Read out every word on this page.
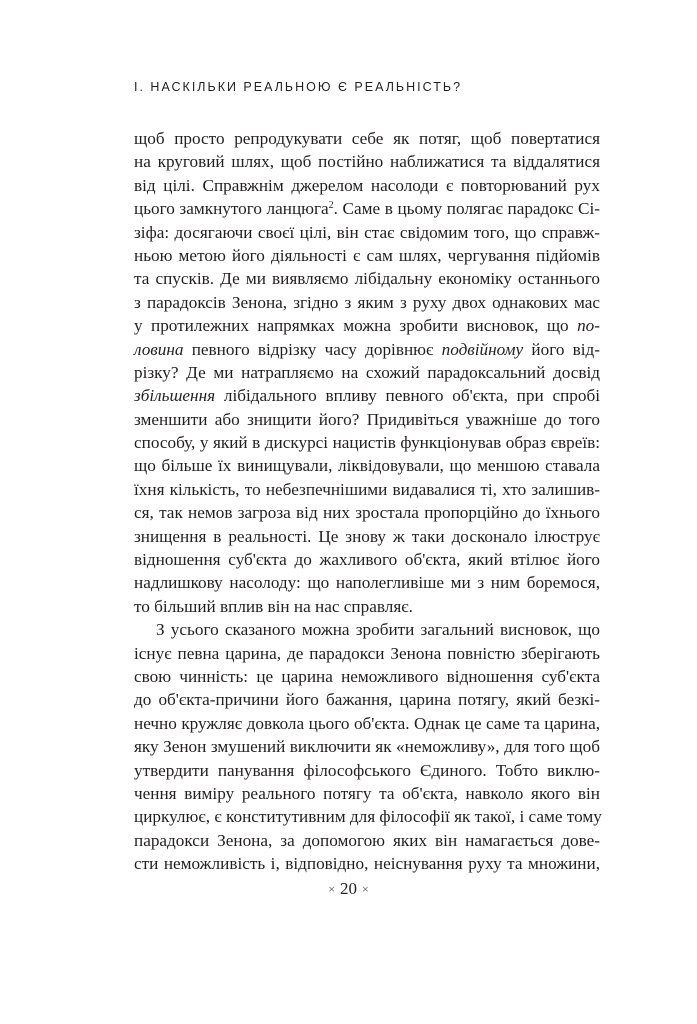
І. НАСКІЛЬКИ РЕАЛЬНОЮ Є РЕАЛЬНІСТЬ?
щоб просто репродукувати себе як потяг, щоб повертатися
на круговий шлях, щоб постійно наближатися та віддалятися
від цілі. Справжнім джерелом насолоди є повторюваний рух
цього замкнутого ланцюга$^2$. Саме в цьому полягає парадокс Сі-
зіфа: досягаючи своєї цілі, він стає свідомим того, що справж-
ньою метою його діяльності є сам шлях, чергування підйомів
та спусків. Де ми виявляємо лібідальну економіку останнього
з парадоксів Зенона, згідно з яким з руху двох однакових мас
у протилежних напрямках можна зробити висновок, що по-
ловина певного відрізку часу дорівнює подвійному його від-
різку? Де ми натрапляємо на схожий парадоксальний досвід
збільшення лібідального впливу певного об'єкта, при спробі
зменшити або знищити його? Придивіться уважніше до того
способу, у який в дискурсі нацистів функціонував образ євреїв:
що більше їх винищували, ліквідовували, що меншою ставала
їхня кількість, то небезпечнішими видавалися ті, хто залишив-
ся, так немов загроза від них зростала пропорційно до їхнього
знищення в реальності. Це знову ж таки досконало ілюструє
відношення суб'єкта до жахливого об'єкта, який втілює його
надлишкову насолоду: що наполегливіше ми з ним боремося,
то більший вплив він на нас справляє.
З усього сказаного можна зробити загальний висновок, що
існує певна царина, де парадокси Зенона повністю зберігають
свою чинність: це царина неможливого відношення суб'єкта
до об'єкта-причини його бажання, царина потягу, який безкі-
нечно кружляє довкола цього об'єкта. Однак це саме та царина,
яку Зенон змушений виключити як «неможливу», для того щоб
утвердити панування філософського Єдиного. Тобто виклю-
чення виміру реального потягу та об'єкта, навколо якого він
циркулює, є конститутивним для філософії як такої, і саме тому
парадокси Зенона, за допомогою яких він намагається дове-
сти неможливість і, відповідно, неіснування руху та множини,
× 20 ×
